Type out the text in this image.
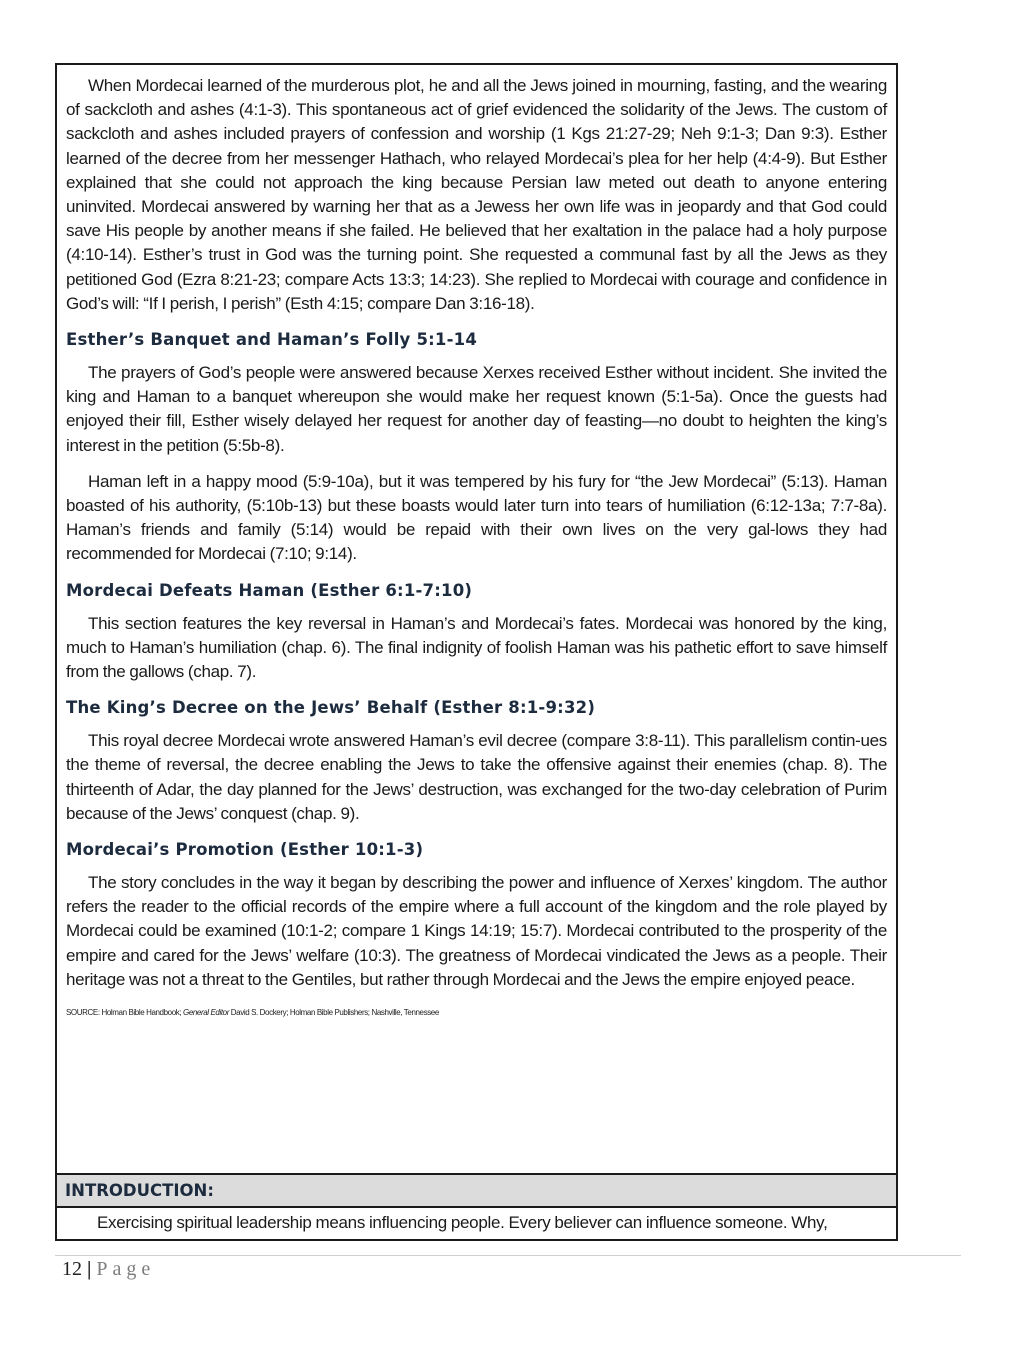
When Mordecai learned of the murderous plot, he and all the Jews joined in mourning, fasting, and the wearing of sackcloth and ashes (4:1-3). This spontaneous act of grief evidenced the solidarity of the Jews. The custom of sackcloth and ashes included prayers of confession and worship (1 Kgs 21:27-29; Neh 9:1-3; Dan 9:3). Esther learned of the decree from her messenger Hathach, who relayed Mordecai’s plea for her help (4:4-9). But Esther explained that she could not approach the king because Persian law meted out death to anyone entering uninvited. Mordecai answered by warning her that as a Jewess her own life was in jeopardy and that God could save His people by another means if she failed. He believed that her exaltation in the palace had a holy purpose (4:10-14). Esther’s trust in God was the turning point. She requested a communal fast by all the Jews as they petitioned God (Ezra 8:21-23; compare Acts 13:3; 14:23). She replied to Mordecai with courage and confidence in God’s will: “If I perish, I perish” (Esth 4:15; compare Dan 3:16-18).

Esther’s Banquet and Haman’s Folly 5:1-14

The prayers of God’s people were answered because Xerxes received Esther without incident. She invited the king and Haman to a banquet whereupon she would make her request known (5:1-5a). Once the guests had enjoyed their fill, Esther wisely delayed her request for another day of feasting—no doubt to heighten the king’s interest in the petition (5:5b-8).

Haman left in a happy mood (5:9-10a), but it was tempered by his fury for “the Jew Mordecai” (5:13). Haman boasted of his authority, (5:10b-13) but these boasts would later turn into tears of humiliation (6:12-13a; 7:7-8a). Haman’s friends and family (5:14) would be repaid with their own lives on the very gal-lows they had recommended for Mordecai (7:10; 9:14).

Mordecai Defeats Haman (Esther 6:1-7:10)

This section features the key reversal in Haman’s and Mordecai’s fates. Mordecai was honored by the king, much to Haman’s humiliation (chap. 6). The final indignity of foolish Haman was his pathetic effort to save himself from the gallows (chap. 7).

The King’s Decree on the Jews’ Behalf (Esther 8:1-9:32)

This royal decree Mordecai wrote answered Haman’s evil decree (compare 3:8-11). This parallelism contin-ues the theme of reversal, the decree enabling the Jews to take the offensive against their enemies (chap. 8). The thirteenth of Adar, the day planned for the Jews’ destruction, was exchanged for the two-day celebration of Purim because of the Jews’ conquest (chap. 9).

Mordecai’s Promotion (Esther 10:1-3)

The story concludes in the way it began by describing the power and influence of Xerxes’ kingdom. The author refers the reader to the official records of the empire where a full account of the kingdom and the role played by Mordecai could be examined (10:1-2; compare 1 Kings 14:19; 15:7). Mordecai contributed to the prosperity of the empire and cared for the Jews’ welfare (10:3). The greatness of Mordecai vindicated the Jews as a people. Their heritage was not a threat to the Gentiles, but rather through Mordecai and the Jews the empire enjoyed peace.

SOURCE: Holman Bible Handbook; General Editor David S. Dockery; Holman Bible Publishers; Nashville, Tennessee

INTRODUCTION:

Exercising spiritual leadership means influencing people. Every believer can influence someone. Why,

12 | Page
